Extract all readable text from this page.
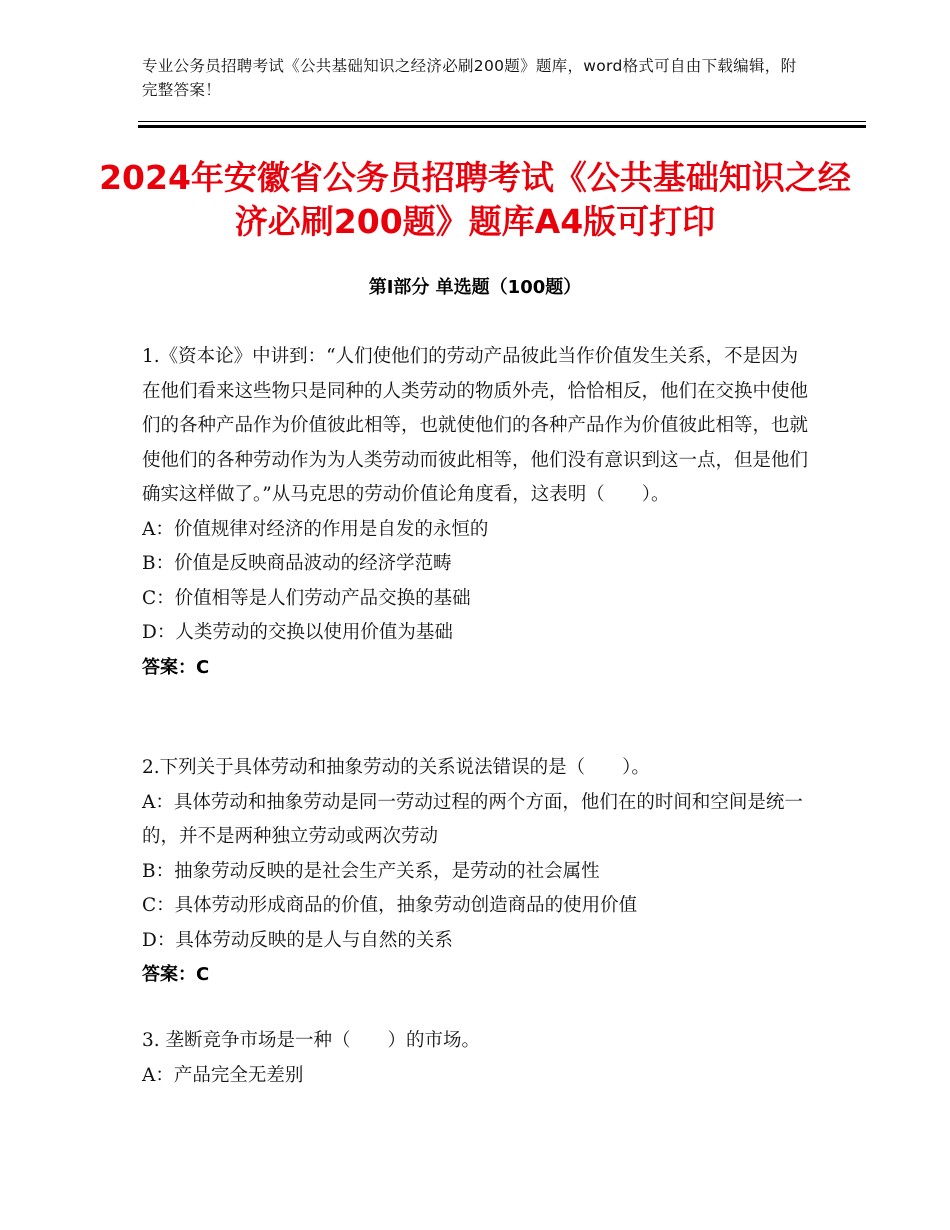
专业公务员招聘考试《公共基础知识之经济必刷200题》题库，word格式可自由下载编辑，附完整答案！
2024年安徽省公务员招聘考试《公共基础知识之经济必刷200题》题库A4版可打印
第Ⅰ部分 单选题（100题）

1.《资本论》中讲到：“人们使他们的劳动产品彼此当作价值发生关系，不是因为在他们看来这些物只是同种的人类劳动的物质外壳，恰恰相反，他们在交换中使他们的各种产品作为价值彼此相等，也就使他们的各种产品作为价值彼此相等，也就使他们的各种劳动作为为人类劳动而彼此相等，他们没有意识到这一点，但是他们确实这样做了。”从马克思的劳动价值论角度看，这表明（　　）。

A：价值规律对经济的作用是自发的永恒的

B：价值是反映商品波动的经济学范畴

C：价值相等是人们劳动产品交换的基础

D：人类劳动的交换以使用价值为基础

答案：C

2.下列关于具体劳动和抽象劳动的关系说法错误的是（　　）。

A：具体劳动和抽象劳动是同一劳动过程的两个方面，他们在的时间和空间是统一的，并不是两种独立劳动或两次劳动

B：抽象劳动反映的是社会生产关系，是劳动的社会属性

C：具体劳动形成商品的价值，抽象劳动创造商品的使用价值

D：具体劳动反映的是人与自然的关系

答案：C

3. 垄断竞争市场是一种（　　）的市场。

A：产品完全无差别
